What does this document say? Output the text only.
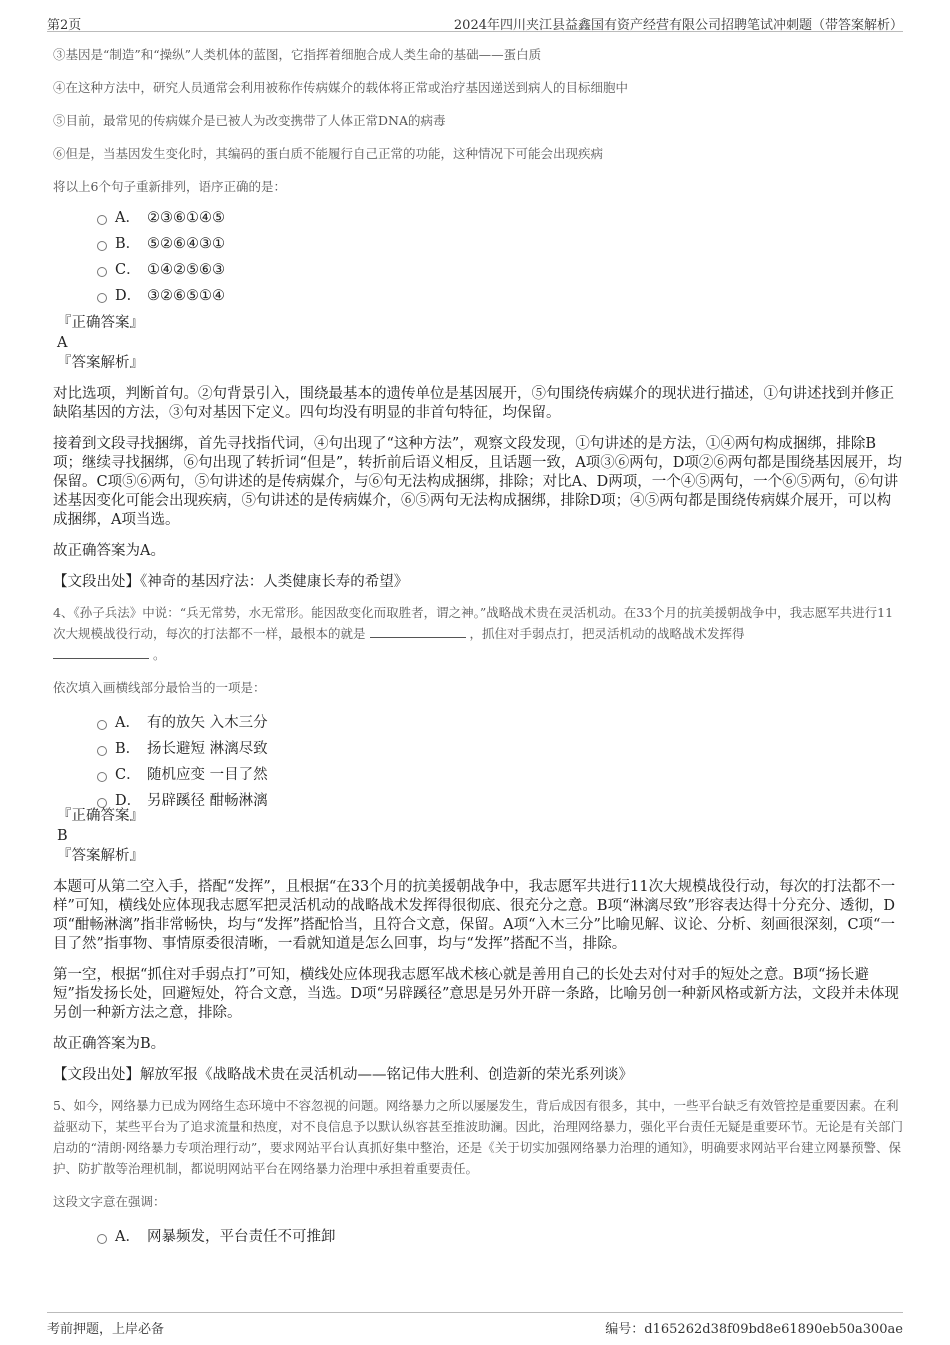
第2页	2024年四川夹江县益鑫国有资产经营有限公司招聘笔试冲刺题（带答案解析）
③基因是“制造”和“操纵”人类机体的蓝图，它指挥着细胞合成人类生命的基础——蛋白质
④在这种方法中，研究人员通常会利用被称作传病媒介的载体将正常或治疗基因递送到病人的目标细胞中
⑤目前，最常见的传病媒介是已被人为改变携带了人体正常DNA的病毒
⑥但是，当基因发生变化时，其编码的蛋白质不能履行自己正常的功能，这种情况下可能会出现疾病
将以上6个句子重新排列，语序正确的是：
A． ②③⑥①④⑤
B． ⑤②⑥④③①
C． ①④②⑤⑥③
D． ③②⑥⑤①④
『正确答案』
A
『答案解析』
对比选项，判断首句。②句背景引入，围绕最基本的遗传单位是基因展开，⑤句围绕传病媒介的现状进行描述，①句讲述找到并修正缺陷基因的方法，③句对基因下定义。四句均没有明显的非首句特征，均保留。
接着到文段寻找捆绑，首先寻找指代词，④句出现了“这种方法”，观察文段发现，①句讲述的是方法，①④两句构成捆绑，排除B项；继续寻找捆绑，⑥句出现了转折词“但是”，转折前后语义相反，且话题一致，A项③⑥两句，D项②⑥两句都是围绕基因展开，均保留。C项⑤⑥两句，⑤句讲述的是传病媒介，与⑥句无法构成捆绑，排除；对比A、D两项，一个④⑤两句，一个⑥⑤两句，⑥句讲述基因变化可能会出现疾病，⑤句讲述的是传病媒介，⑥⑤两句无法构成捆绑，排除D项；④⑤两句都是围绕传病媒介展开，可以构成捆绑，A项当选。
故正确答案为A。
【文段出处】《神奇的基因疗法：人类健康长寿的希望》
4、《孙子兵法》中说：“兵无常势，水无常形。能因敌变化而取胜者，谓之神。”战略战术贵在灵活机动。在33个月的抗美援朝战争中，我志愿军共进行11次大规模战役行动，每次的打法都不一样，最根本的就是	，抓住对手弱点打，把灵活机动的战略战术发挥得
。
依次填入画横线部分最恰当的一项是：
A． 有的放矢 入木三分
B． 扬长避短 淋漓尽致
C． 随机应变 一目了然
D． 另辟蹊径 酣畅淋漓
『正确答案』
B
『答案解析』
本题可从第二空入手，搭配“发挥”，且根据“在33个月的抗美援朝战争中，我志愿军共进行11次大规模战役行动，每次的打法都不一样”可知，横线处应体现我志愿军把灵活机动的战略战术发挥得很彻底、很充分之意。B项“淋漓尽致”形容表达得十分充分、透彻，D项“酣畅淋漓”指非常畅快，均与“发挥”搭配恰当，且符合文意，保留。A项“入木三分”比喻见解、议论、分析、刻画很深刻，C项“一目了然”指事物、事情原委很清晰，一看就知道是怎么回事，均与“发挥”搭配不当，排除。
第一空，根据“抓住对手弱点打”可知，横线处应体现我志愿军战术核心就是善用自己的长处去对付对手的短处之意。B项“扬长避短”指发扬长处，回避短处，符合文意，当选。D项“另辟蹊径”意思是另外开辟一条路，比喻另创一种新风格或新方法，文段并未体现另创一种新方法之意，排除。
故正确答案为B。
【文段出处】解放军报《战略战术贵在灵活机动——铭记伟大胜利、创造新的荣光系列谈》
5、如今，网络暴力已成为网络生态环境中不容忽视的问题。网络暴力之所以屡屡发生，背后成因有很多，其中，一些平台缺乏有效管控是重要因素。在利益驱动下，某些平台为了追求流量和热度，对不良信息予以默认纵容甚至推波助澜。因此，治理网络暴力，强化平台责任无疑是重要环节。无论是有关部门启动的“清朗·网络暴力专项治理行动”，要求网站平台认真抓好集中整治，还是《关于切实加强网络暴力治理的通知》，明确要求网站平台建立网暴预警、保护、防扩散等治理机制，都说明网站平台在网络暴力治理中承担着重要责任。
这段文字意在强调：
A． 网暴频发，平台责任不可推卸
考前押题，上岸必备	编号：d165262d38f09bd8e61890eb50a300ae
